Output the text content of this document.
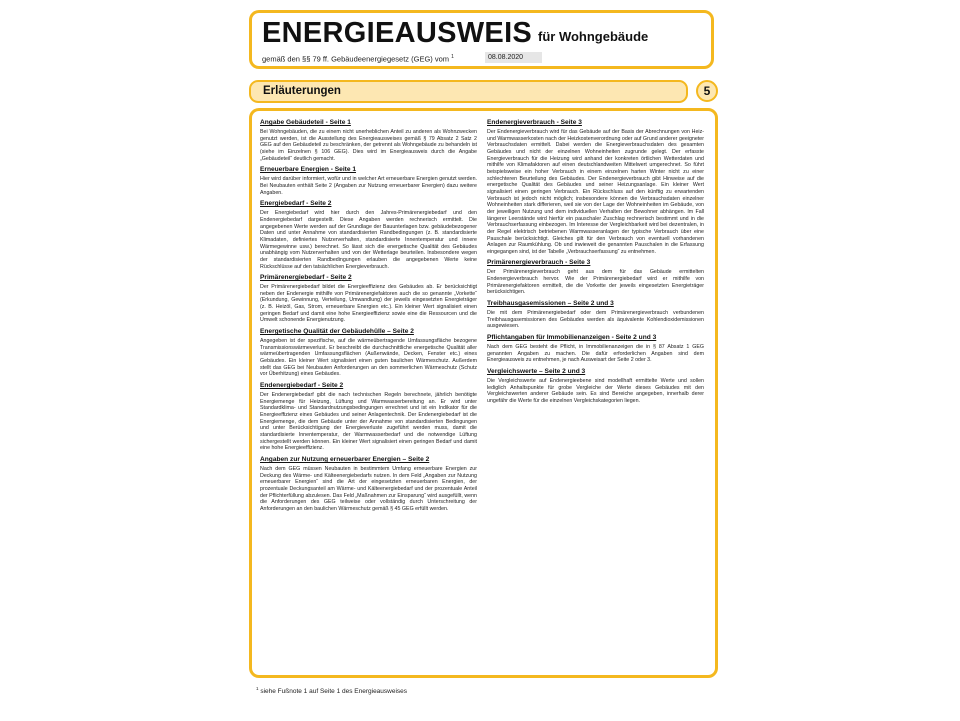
ENERGIEAUSWEIS für Wohngebäude
gemäß den §§ 79 ff. Gebäudeenergiegesetz (GEG) vom $^1$	08.08.2020
Erläuterungen	5
Angabe Gebäudeteil - Seite 1

Bei Wohngebäuden, die zu einem nicht unerheblichen Anteil zu anderen als Wohnzwecken genutzt werden, ist die Ausstellung des Energieausweises gemäß § 79 Absatz 2 Satz 2 GEG auf den Gebäudeteil zu beschränken, der getrennt als Wohngebäude zu behandeln ist (siehe im Einzelnen § 106 GEG). Dies wird im Energieausweis durch die Angabe „Gebäudeteil“ deutlich gemacht.

Erneuerbare Energien - Seite 1

Hier wird darüber informiert, wofür und in welcher Art erneuerbare Energien genutzt werden. Bei Neubauten enthält Seite 2 (Angaben zur Nutzung erneuerbarer Energien) dazu weitere Angaben.

Energiebedarf - Seite 2

Der Energiebedarf wird hier durch den Jahres-Primärenergiebedarf und den Endenergiebedarf dargestellt. Diese Angaben werden rechnerisch ermittelt. Die angegebenen Werte werden auf der Grundlage der Bauunterlagen bzw. gebäudebezogener Daten und unter Annahme von standardisierten Randbedingungen (z. B. standardisierte Klimadaten, definiertes Nutzerverhalten, standardisierte Innentemperatur und innere Wärmegewinne usw.) berechnet. So lässt sich die energetische Qualität des Gebäudes unabhängig vom Nutzerverhalten und von der Wetterlage beurteilen. Insbesondere wegen der standardisierten Randbedingungen erlauben die angegebenen Werte keine Rückschlüsse auf den tatsächlichen Energieverbrauch.

Primärenergiebedarf - Seite 2

Der Primärenergiebedarf bildet die Energieeffizienz des Gebäudes ab. Er berücksichtigt neben der Endenergie mithilfe von Primärenergiefaktoren auch die so genannte „Vorkette“ (Erkundung, Gewinnung, Verteilung, Umwandlung) der jeweils eingesetzten Energieträger (z. B. Heizöl, Gas, Strom, erneuerbare Energien etc.). Ein kleiner Wert signalisiert einen geringen Bedarf und damit eine hohe Energieeffizienz sowie eine die Ressourcen und die Umwelt schonende Energienutzung.

Energetische Qualität der Gebäudehülle – Seite 2

Angegeben ist der spezifische, auf die wärmeübertragende Umfassungsfläche bezogene Transmissionswärmeverlust. Er beschreibt die durchschnittliche energetische Qualität aller wärmeübertragenden Umfassungsflächen (Außenwände, Decken, Fenster etc.) eines Gebäudes. Ein kleiner Wert signalisiert einen guten baulichen Wärmeschutz. Außerdem stellt das GEG bei Neubauten Anforderungen an den sommerlichen Wärmeschutz (Schutz vor Überhitzung) eines Gebäudes.

Endenergiebedarf - Seite 2

Der Endenergiebedarf gibt die nach technischen Regeln berechnete, jährlich benötigte Energiemenge für Heizung, Lüftung und Warmwasserbereitung an. Er wird unter Standardklima- und Standardnutzungsbedingungen errechnet und ist ein Indikator für die Energieeffizienz eines Gebäudes und seiner Anlagentechnik. Der Endenergiebedarf ist die Energiemenge, die dem Gebäude unter der Annahme von standardisierten Bedingungen und unter Berücksichtigung der Energieverluste zugeführt werden muss, damit die standardisierte Innentemperatur, der Warmwasserbedarf und die notwendige Lüftung sichergestellt werden können. Ein kleiner Wert signalisiert einen geringen Bedarf und damit eine hohe Energieeffizienz.

Angaben zur Nutzung erneuerbarer Energien – Seite 2

Nach dem GEG müssen Neubauten in bestimmtem Umfang erneuerbare Energien zur Deckung des Wärme- und Kälteenergiebedarfs nutzen. In dem Feld „Angaben zur Nutzung erneuerbarer Energien“ sind die Art der eingesetzten erneuerbaren Energien, der prozentuale Deckungsanteil am Wärme- und Kälteenergiebedarf und der prozentuale Anteil der Pflichterfüllung abzulesen. Das Feld „Maßnahmen zur Einsparung“ wird ausgefüllt, wenn die Anforderungen des GEG teilweise oder vollständig durch Unterschreitung der Anforderungen an den baulichen Wärmeschutz gemäß § 45 GEG erfüllt werden.

Endenergieverbrauch - Seite 3

Der Endenergieverbrauch wird für das Gebäude auf der Basis der Abrechnungen von Heiz- und Warmwasserkosten nach der Heizkostenverordnung oder auf Grund anderer geeigneter Verbrauchsdaten ermittelt. Dabei werden die Energieverbrauchsdaten des gesamten Gebäudes und nicht der einzelnen Wohneinheiten zugrunde gelegt. Der erfasste Energieverbrauch für die Heizung wird anhand der konkreten örtlichen Wetterdaten und mithilfe von Klimafaktoren auf einen deutschlandweiten Mittelwert umgerechnet. So führt beispielsweise ein hoher Verbrauch in einem einzelnen harten Winter nicht zu einer schlechteren Beurteilung des Gebäudes. Der Endenergieverbrauch gibt Hinweise auf die energetische Qualität des Gebäudes und seiner Heizungsanlage. Ein kleiner Wert signalisiert einen geringen Verbrauch. Ein Rückschluss auf den künftig zu erwartenden Verbrauch ist jedoch nicht möglich; insbesondere können die Verbrauchsdaten einzelner Wohneinheiten stark differieren, weil sie von der Lage der Wohneinheiten im Gebäude, von der jeweiligen Nutzung und dem individuellen Verhalten der Bewohner abhängen. Im Fall längerer Leerstände wird hierfür ein pauschaler Zuschlag rechnerisch bestimmt und in die Verbrauchserfassung einbezogen. Im Interesse der Vergleichbarkeit wird bei dezentralen, in der Regel elektrisch betriebenen Warmwasseranlagen der typische Verbrauch über eine Pauschale berücksichtigt. Gleiches gilt für den Verbrauch von eventuell vorhandenen Anlagen zur Raumkühlung. Ob und inwieweit die genannten Pauschalen in die Erfassung eingegangen sind, ist der Tabelle „Verbrauchserfassung“ zu entnehmen.

Primärenergieverbrauch - Seite 3

Der Primärenergieverbrauch geht aus dem für das Gebäude ermittelten Endenergieverbrauch hervor. Wie der Primärenergiebedarf wird er mithilfe von Primärenergiefaktoren ermittelt, die die Vorkette der jeweils eingesetzten Energieträger berücksichtigen.

Treibhausgasemissionen – Seite 2 und 3

Die mit dem Primärenergiebedarf oder dem Primärenergieverbrauch verbundenen Treibhausgasemissionen des Gebäudes werden als äquivalente Kohlendioxidemissionen ausgewiesen.

Pflichtangaben für Immobilienanzeigen - Seite 2 und 3

Nach dem GEG besteht die Pflicht, in Immobilienanzeigen die in § 87 Absatz 1 GEG genannten Angaben zu machen. Die dafür erforderlichen Angaben sind dem Energieausweis zu entnehmen, je nach Ausweisart der Seite 2 oder 3.

Vergleichswerte – Seite 2 und 3

Die Vergleichswerte auf Endenergieebene sind modellhaft ermittelte Werte und sollen lediglich Anhaltspunkte für grobe Vergleiche der Werte dieses Gebäudes mit den Vergleichswerten anderer Gebäude sein. Es sind Bereiche angegeben, innerhalb derer ungefähr die Werte für die einzelnen Vergleichskategorien liegen.

$^1$ siehe Fußnote 1 auf Seite 1 des Energieausweises
